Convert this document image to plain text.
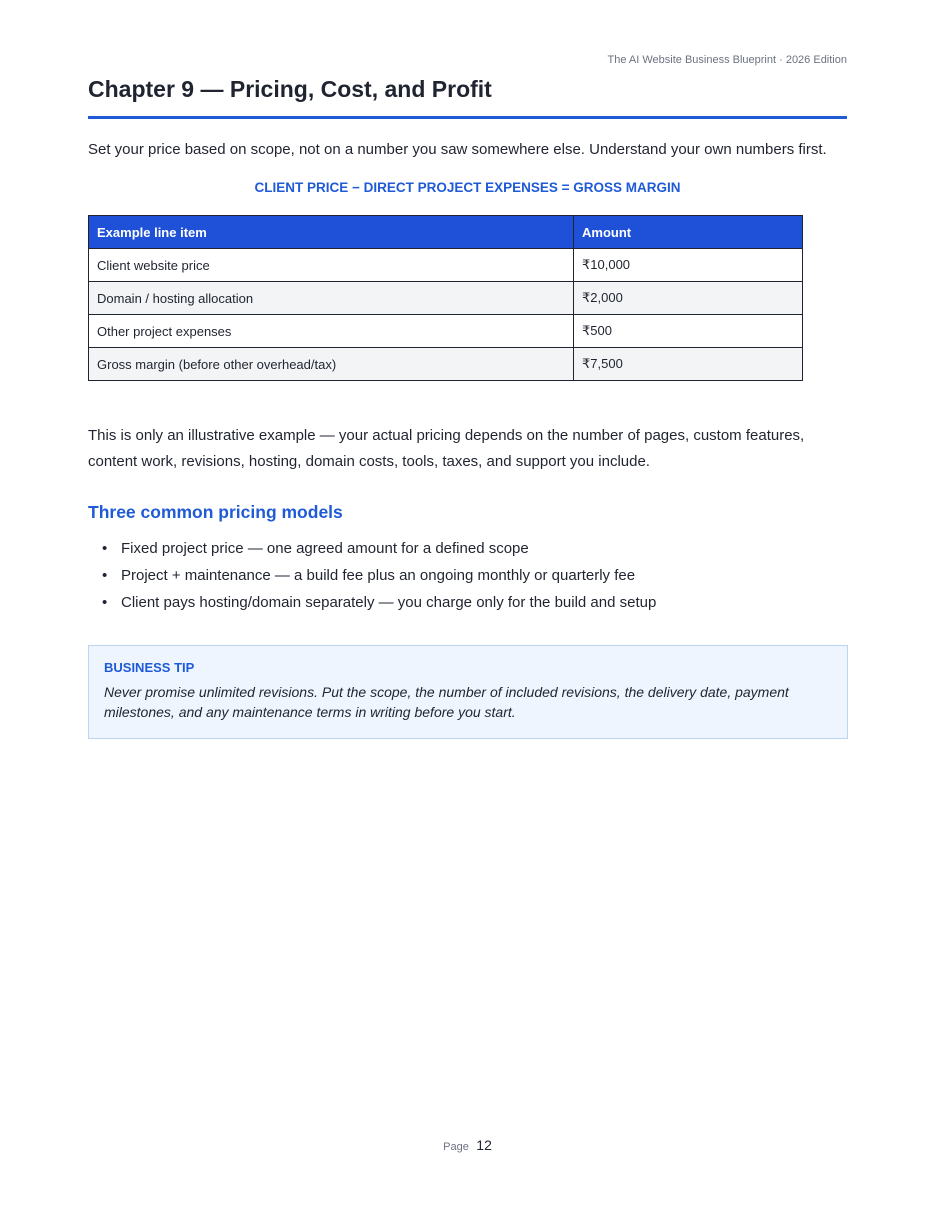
The AI Website Business Blueprint · 2026 Edition
Chapter 9 — Pricing, Cost, and Profit

Set your price based on scope, not on a number you saw somewhere else. Understand your own numbers first.

CLIENT PRICE − DIRECT PROJECT EXPENSES = GROSS MARGIN
Example line item	Amount
Client website price	₹10,000
Domain / hosting allocation	₹2,000
Other project expenses	₹500
Gross margin (before other overhead/tax)	₹7,500

This is only an illustrative example — your actual pricing depends on the number of pages, custom features, content work, revisions, hosting, domain costs, tools, taxes, and support you include.

Three common pricing models
• Fixed project price — one agreed amount for a defined scope
• Project + maintenance — a build fee plus an ongoing monthly or quarterly fee
• Client pays hosting/domain separately — you charge only for the build and setup
BUSINESS TIP
Never promise unlimited revisions. Put the scope, the number of included revisions, the delivery date, payment milestones, and any maintenance terms in writing before you start.
Page 12
